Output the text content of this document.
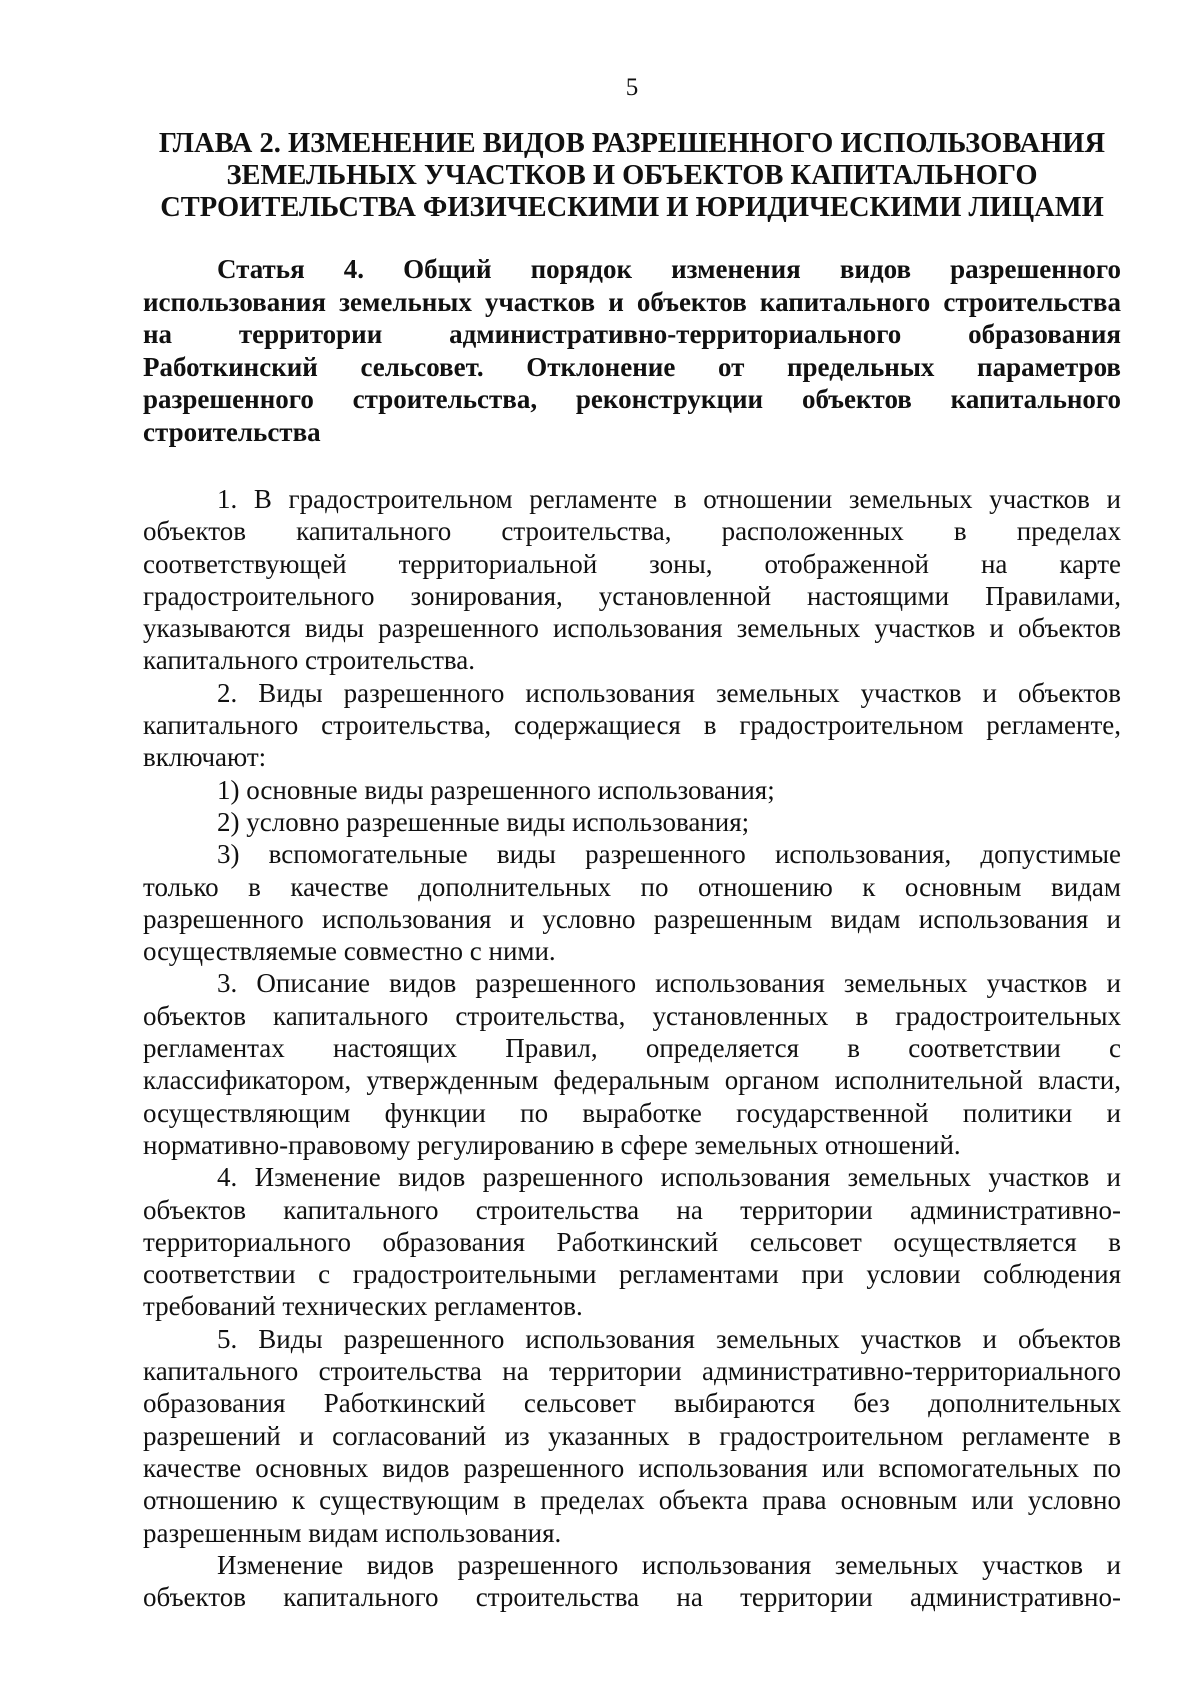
5
ГЛАВА 2. ИЗМЕНЕНИЕ ВИДОВ РАЗРЕШЕННОГО ИСПОЛЬЗОВАНИЯ
ЗЕМЕЛЬНЫХ УЧАСТКОВ И ОБЪЕКТОВ КАПИТАЛЬНОГО
СТРОИТЕЛЬСТВА ФИЗИЧЕСКИМИ И ЮРИДИЧЕСКИМИ ЛИЦАМИ
Статья 4. Общий порядок изменения видов разрешенного
использования земельных участков и объектов капитального строительства
на территории административно-территориального образования
Работкинский сельсовет. Отклонение от предельных параметров
разрешенного строительства, реконструкции объектов капитального
строительства
1. В градостроительном регламенте в отношении земельных участков и
объектов капитального строительства, расположенных в пределах
соответствующей территориальной зоны, отображенной на карте
градостроительного зонирования, установленной настоящими Правилами,
указываются виды разрешенного использования земельных участков и объектов
капитального строительства.
2. Виды разрешенного использования земельных участков и объектов
капитального строительства, содержащиеся в градостроительном регламенте,
включают:
1) основные виды разрешенного использования;
2) условно разрешенные виды использования;
3) вспомогательные виды разрешенного использования, допустимые
только в качестве дополнительных по отношению к основным видам
разрешенного использования и условно разрешенным видам использования и
осуществляемые совместно с ними.
3. Описание видов разрешенного использования земельных участков и
объектов капитального строительства, установленных в градостроительных
регламентах настоящих Правил, определяется в соответствии с
классификатором, утвержденным федеральным органом исполнительной власти,
осуществляющим функции по выработке государственной политики и
нормативно-правовому регулированию в сфере земельных отношений.
4. Изменение видов разрешенного использования земельных участков и
объектов капитального строительства на территории административно-
территориального образования Работкинский сельсовет осуществляется в
соответствии с градостроительными регламентами при условии соблюдения
требований технических регламентов.
5. Виды разрешенного использования земельных участков и объектов
капитального строительства на территории административно-территориального
образования Работкинский сельсовет выбираются без дополнительных
разрешений и согласований из указанных в градостроительном регламенте в
качестве основных видов разрешенного использования или вспомогательных по
отношению к существующим в пределах объекта права основным или условно
разрешенным видам использования.
Изменение видов разрешенного использования земельных участков и
объектов капитального строительства на территории административно-
